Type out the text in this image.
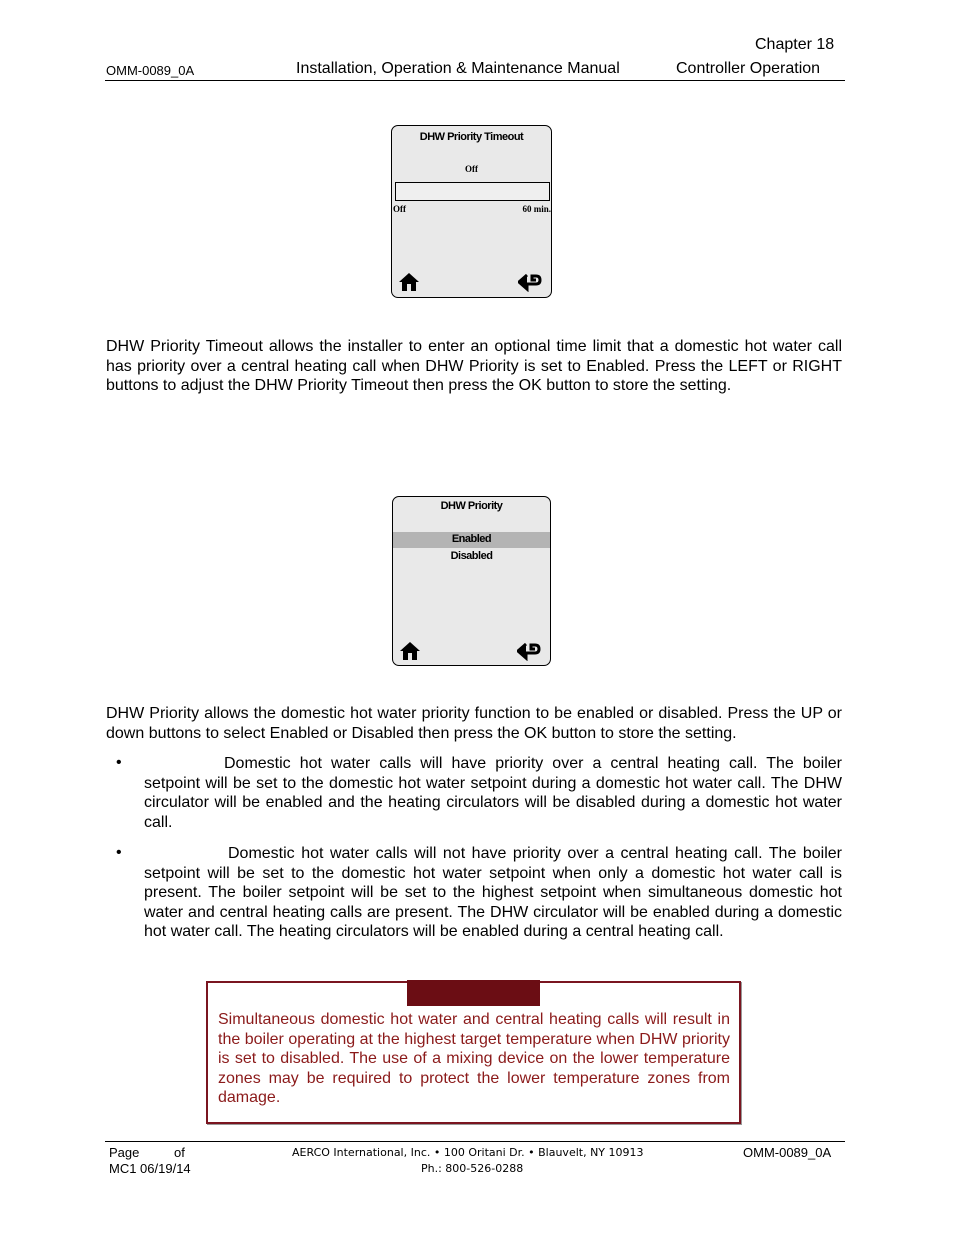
Chapter 18
OMM-0089_0A	Installation, Operation & Maintenance Manual	Controller Operation
DHW Priority Timeout
Off
Off	60 min.
DHW Priority Timeout allows the installer to enter an optional time limit that a domestic hot water call has priority over a central heating call when DHW Priority is set to Enabled. Press the LEFT or RIGHT buttons to adjust the DHW Priority Timeout then press the OK button to store the setting.
DHW Priority
Enabled
Disabled
DHW Priority allows the domestic hot water priority function to be enabled or disabled. Press the UP or down buttons to select Enabled or Disabled then press the OK button to store the setting.
•	Domestic hot water calls will have priority over a central heating call. The boiler setpoint will be set to the domestic hot water setpoint during a domestic hot water call. The DHW circulator will be enabled and the heating circulators will be disabled during a domestic hot water call.
•	Domestic hot water calls will not have priority over a central heating call. The boiler setpoint will be set to the domestic hot water setpoint when only a domestic hot water call is present. The boiler setpoint will be set to the highest setpoint when simultaneous domestic hot water and central heating calls are present. The DHW circulator will be enabled during a domestic hot water call. The heating circulators will be enabled during a central heating call.
Simultaneous domestic hot water and central heating calls will result in the boiler operating at the highest target temperature when DHW priority is set to disabled. The use of a mixing device on the lower temperature zones may be required to protect the lower temperature zones from damage.
Page	of
MC1 06/19/14
AERCO International, Inc. • 100 Oritani Dr. • Blauvelt, NY 10913
Ph.: 800-526-0288
OMM-0089_0A
